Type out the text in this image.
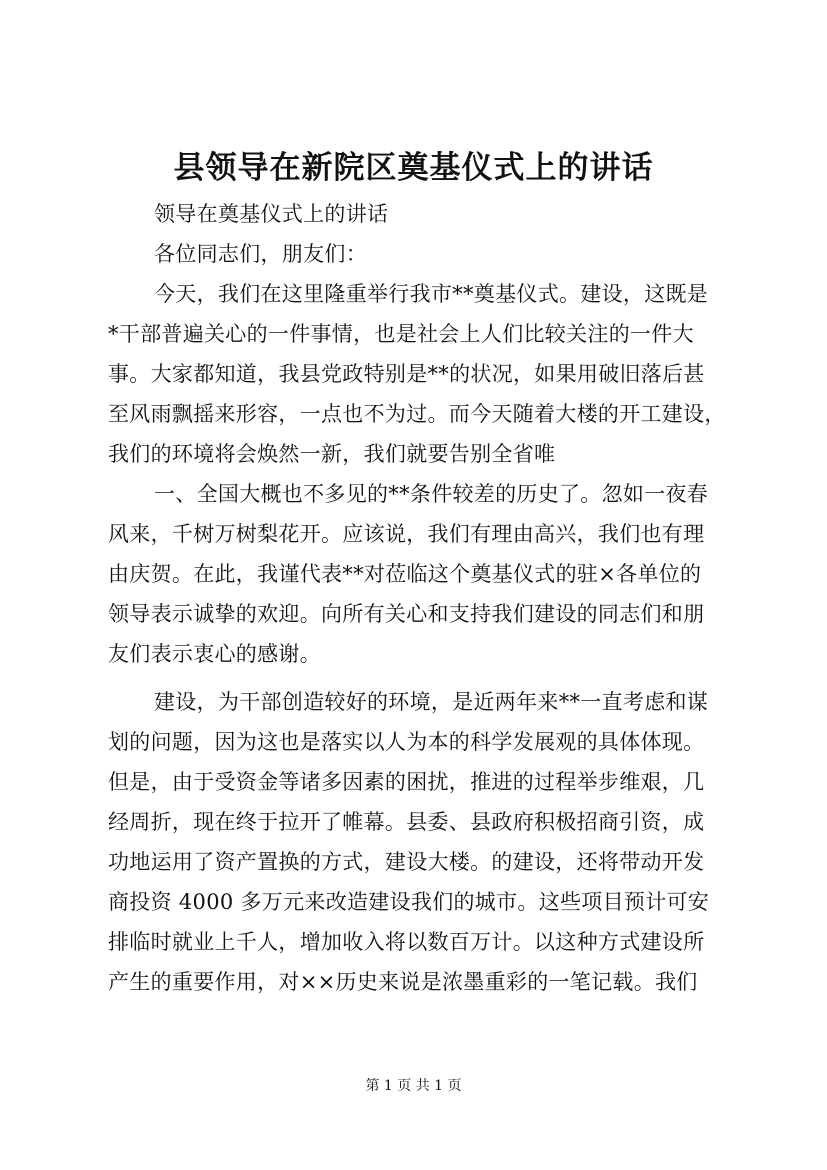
县领导在新院区奠基仪式上的讲话
领导在奠基仪式上的讲话
各位同志们，朋友们：
今天，我们在这里隆重举行我市**奠基仪式。建设，这既是
*干部普遍关心的一件事情，也是社会上人们比较关注的一件大
事。大家都知道，我县党政特别是**的状况，如果用破旧落后甚
至风雨飘摇来形容，一点也不为过。而今天随着大楼的开工建设，
我们的环境将会焕然一新，我们就要告别全省唯
一、全国大概也不多见的**条件较差的历史了。忽如一夜春
风来，千树万树梨花开。应该说，我们有理由高兴，我们也有理
由庆贺。在此，我谨代表**对莅临这个奠基仪式的驻×各单位的
领导表示诚挚的欢迎。向所有关心和支持我们建设的同志们和朋
友们表示衷心的感谢。
建设，为干部创造较好的环境，是近两年来**一直考虑和谋
划的问题，因为这也是落实以人为本的科学发展观的具体体现。
但是，由于受资金等诸多因素的困扰，推进的过程举步维艰，几
经周折，现在终于拉开了帷幕。县委、县政府积极招商引资，成
功地运用了资产置换的方式，建设大楼。的建设，还将带动开发
商投资 4000 多万元来改造建设我们的城市。这些项目预计可安
排临时就业上千人，增加收入将以数百万计。以这种方式建设所
产生的重要作用，对××历史来说是浓墨重彩的一笔记载。我们
第 1 页 共 1 页
